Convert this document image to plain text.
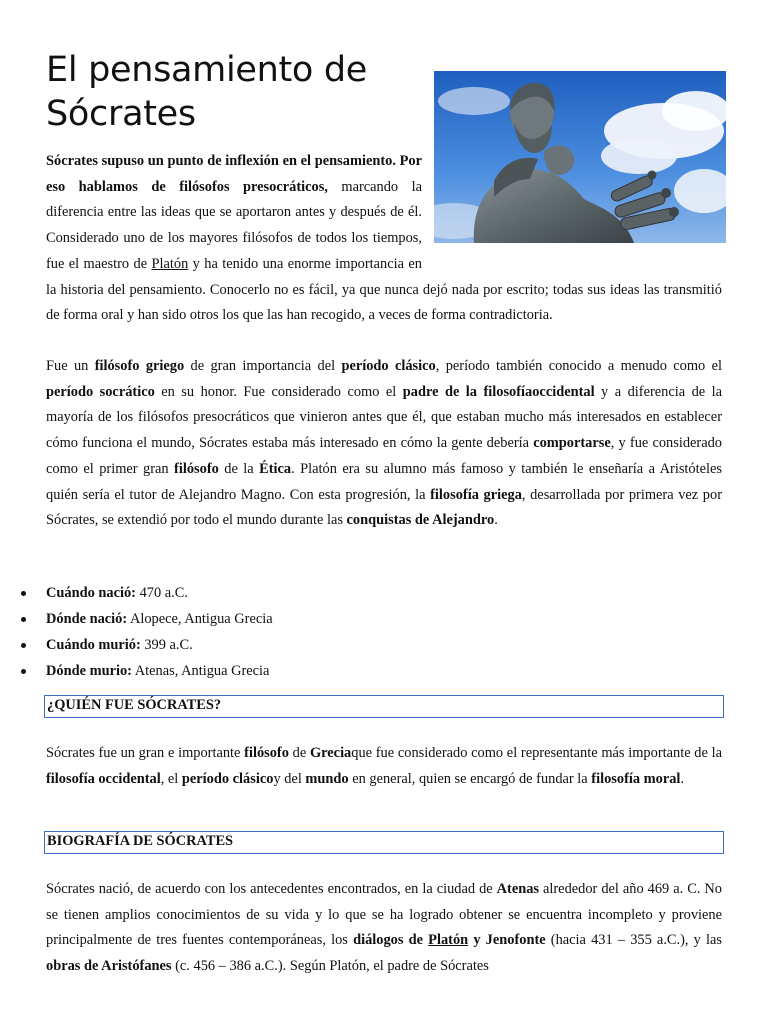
El pensamiento de Sócrates

Sócrates supuso un punto de inflexión en el pensamiento. Por eso hablamos de filósofos presocráticos, marcando la diferencia entre las ideas que se aportaron antes y después de él. Considerado uno de los mayores filósofos de todos los tiempos, fue el maestro de Platón y ha tenido una enorme importancia en la historia del pensamiento. Conocerlo no es fácil, ya que nunca dejó nada por escrito; todas sus ideas las transmitió de forma oral y han sido otros los que las han recogido, a veces de forma contradictoria.

Fue un filósofo griego de gran importancia del período clásico, período también conocido a menudo como el período socrático en su honor. Fue considerado como el padre de la filosofíaoccidental y a diferencia de la mayoría de los filósofos presocráticos que vinieron antes que él, que estaban mucho más interesados en establecer cómo funciona el mundo, Sócrates estaba más interesado en cómo la gente debería comportarse, y fue considerado como el primer gran filósofo de la Ética. Platón era su alumno más famoso y también le enseñaría a Aristóteles quién sería el tutor de Alejandro Magno. Con esta progresión, la filosofía griega, desarrollada por primera vez por Sócrates, se extendió por todo el mundo durante las conquistas de Alejandro.

Cuándo nació: 470 a.C.
Dónde nació: Alopece, Antigua Grecia
Cuándo murió: 399 a.C.
Dónde murio: Atenas, Antigua Grecia
¿QUIÉN FUE SÓCRATES?

Sócrates fue un gran e importante filósofo de Greciaque fue considerado como el representante más importante de la filosofía occidental, el período clásicoy del mundo en general, quien se encargó de fundar la filosofía moral.

BIOGRAFÍA DE SÓCRATES

Sócrates nació, de acuerdo con los antecedentes encontrados, en la ciudad de Atenas alrededor del año 469 a. C. No se tienen amplios conocimientos de su vida y lo que se ha logrado obtener se encuentra incompleto y proviene principalmente de tres fuentes contemporáneas, los diálogos de Platón y Jenofonte (hacia 431 – 355 a.C.), y las obras de Aristófanes (c. 456 – 386 a.C.). Según Platón, el padre de Sócrates
